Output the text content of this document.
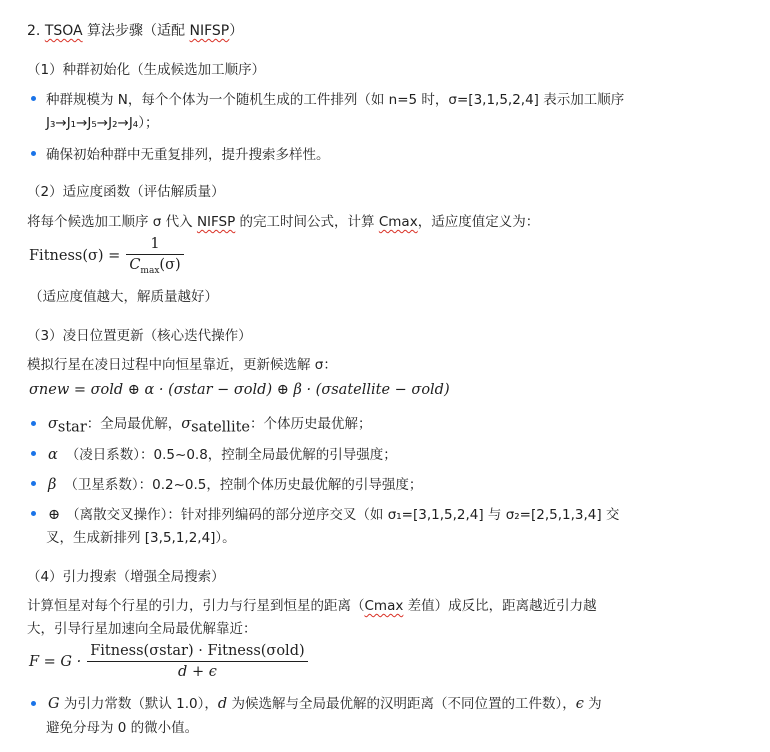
2. TSOA 算法步骤（适配 NIFSP）
（1）种群初始化（生成候选加工顺序）
种群规模为 N，每个个体为一个随机生成的工件排列（如 n=5 时，σ=[3,1,5,2,4] 表示加工顺序
J₃→J₁→J₅→J₂→J₄）；
确保初始种群中无重复排列，提升搜索多样性。
（2）适应度函数（评估解质量）
将每个候选加工顺序 σ 代入 NIFSP 的完工时间公式，计算 Cmax，适应度值定义为：
Fitness(σ) = $\frac{1}{C_{max}(\sigma)}$
（适应度值越大，解质量越好）
（3）凌日位置更新（核心迭代操作）
模拟行星在凌日过程中向恒星靠近，更新候选解 σ：
σnew = σold ⊕ α · (σstar − σold) ⊕ β · (σsatellite − σold)
$\sigma_{star}$：全局最优解，$\sigma_{satellite}$：个体历史最优解；
α （凌日系数）：0.5~0.8，控制全局最优解的引导强度；
β （卫星系数）：0.2~0.5，控制个体历史最优解的引导强度；
⊕ （离散交叉操作）：针对排列编码的部分逆序交叉（如 σ₁=[3,1,5,2,4] 与 σ₂=[2,5,1,3,4] 交
叉，生成新排列 [3,5,1,2,4]）。
（4）引力搜索（增强全局搜索）
计算恒星对每个行星的引力，引力与行星到恒星的距离（Cmax 差值）成反比，距离越近引力越
大，引导行星加速向全局最优解靠近：
$F = G \cdot \frac{\text{Fitness(σstar) · Fitness(σold)}}{d + \epsilon}$
G 为引力常数（默认 1.0），d 为候选解与全局最优解的汉明距离（不同位置的工件数），ϵ 为
避免分母为 0 的微小值。
